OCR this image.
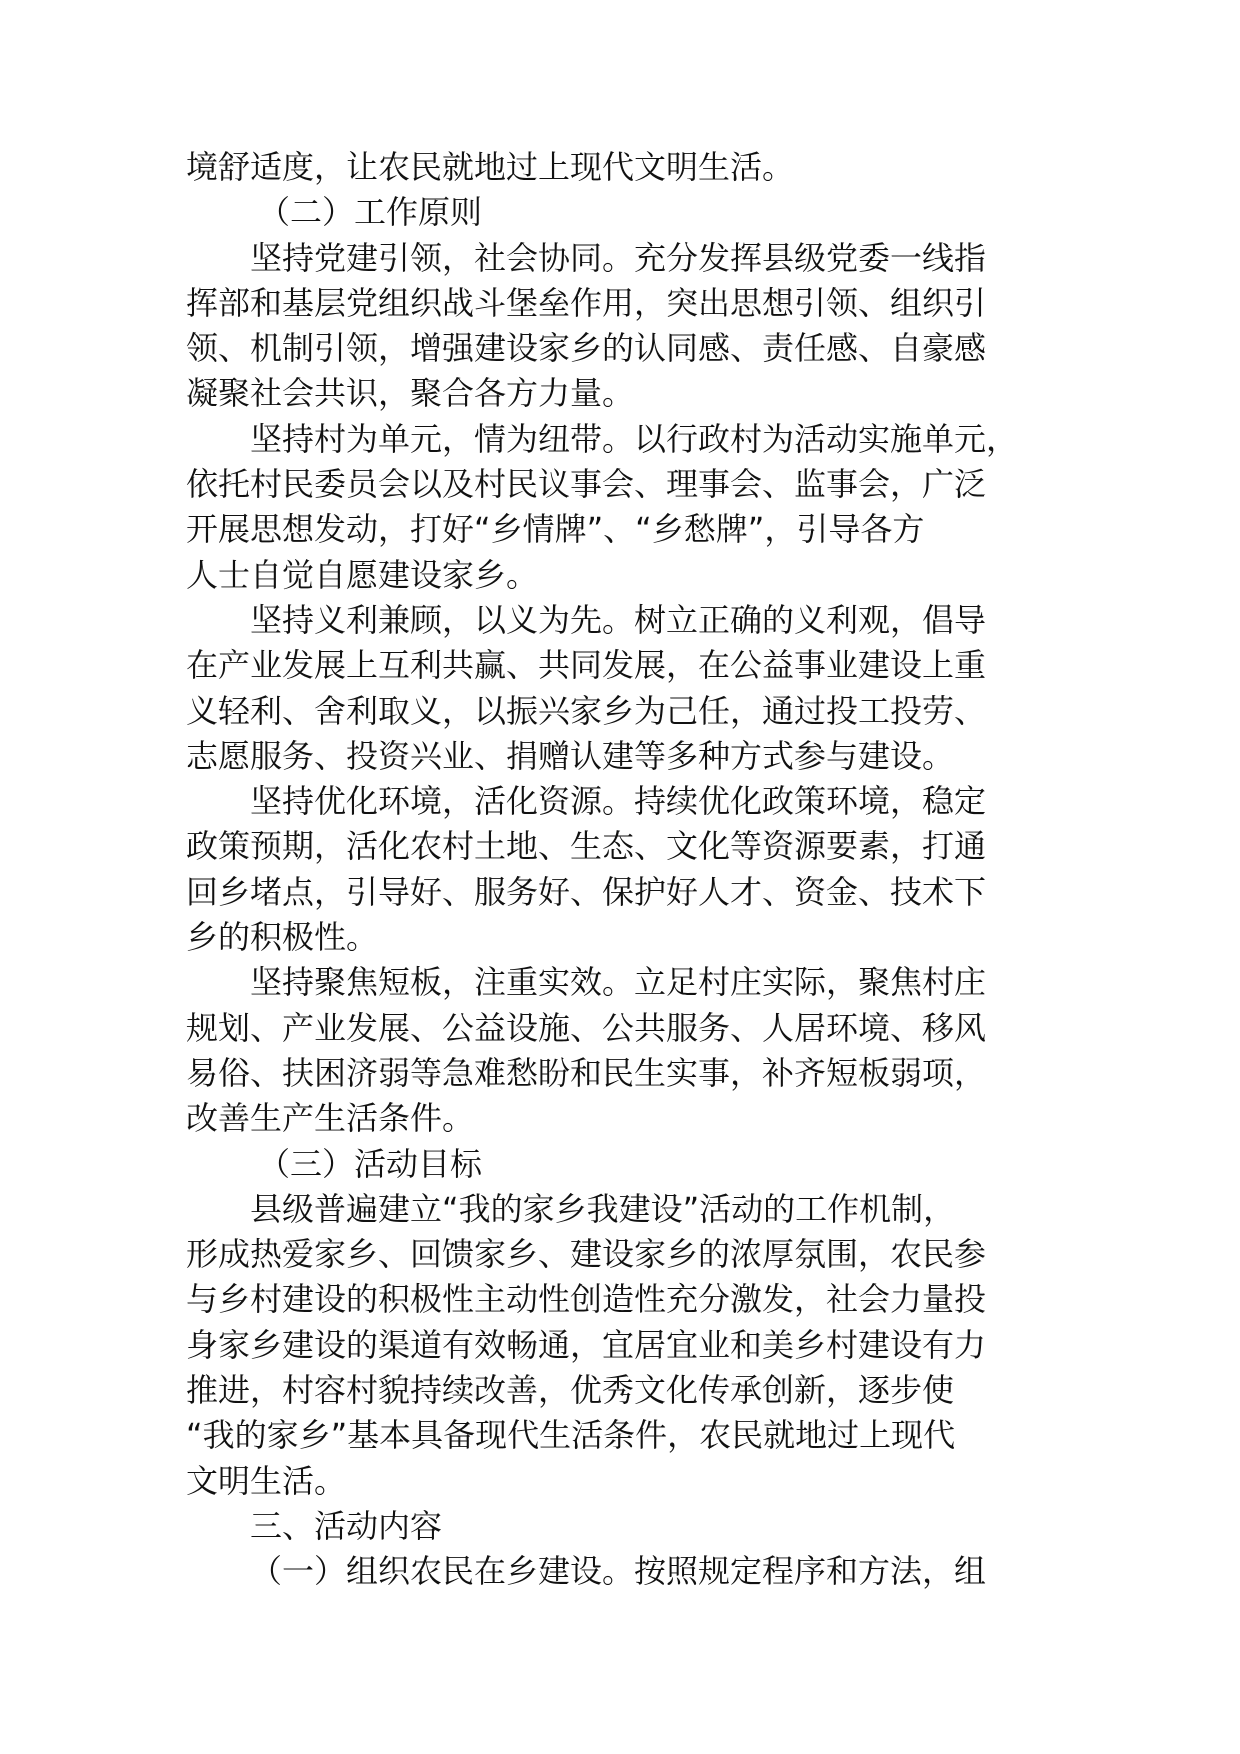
境舒适度，让农民就地过上现代文明生活。
（二）工作原则
坚持党建引领，社会协同。充分发挥县级党委一线指
挥部和基层党组织战斗堡垒作用，突出思想引领、组织引
领、机制引领，增强建设家乡的认同感、责任感、自豪感
凝聚社会共识，聚合各方力量。
坚持村为单元，情为纽带。以行政村为活动实施单元，
依托村民委员会以及村民议事会、理事会、监事会，广泛
开展思想发动，打好“乡情牌”、“乡愁牌”，引导各方
人士自觉自愿建设家乡。
坚持义利兼顾，以义为先。树立正确的义利观，倡导
在产业发展上互利共赢、共同发展，在公益事业建设上重
义轻利、舍利取义，以振兴家乡为己任，通过投工投劳、
志愿服务、投资兴业、捐赠认建等多种方式参与建设。
坚持优化环境，活化资源。持续优化政策环境，稳定
政策预期，活化农村土地、生态、文化等资源要素，打通
回乡堵点，引导好、服务好、保护好人才、资金、技术下
乡的积极性。
坚持聚焦短板，注重实效。立足村庄实际，聚焦村庄
规划、产业发展、公益设施、公共服务、人居环境、移风
易俗、扶困济弱等急难愁盼和民生实事，补齐短板弱项，
改善生产生活条件。
（三）活动目标
县级普遍建立“我的家乡我建设”活动的工作机制，
形成热爱家乡、回馈家乡、建设家乡的浓厚氛围，农民参
与乡村建设的积极性主动性创造性充分激发，社会力量投
身家乡建设的渠道有效畅通，宜居宜业和美乡村建设有力
推进，村容村貌持续改善，优秀文化传承创新，逐步使
“我的家乡”基本具备现代生活条件，农民就地过上现代
文明生活。
三、活动内容
（一）组织农民在乡建设。按照规定程序和方法，组
